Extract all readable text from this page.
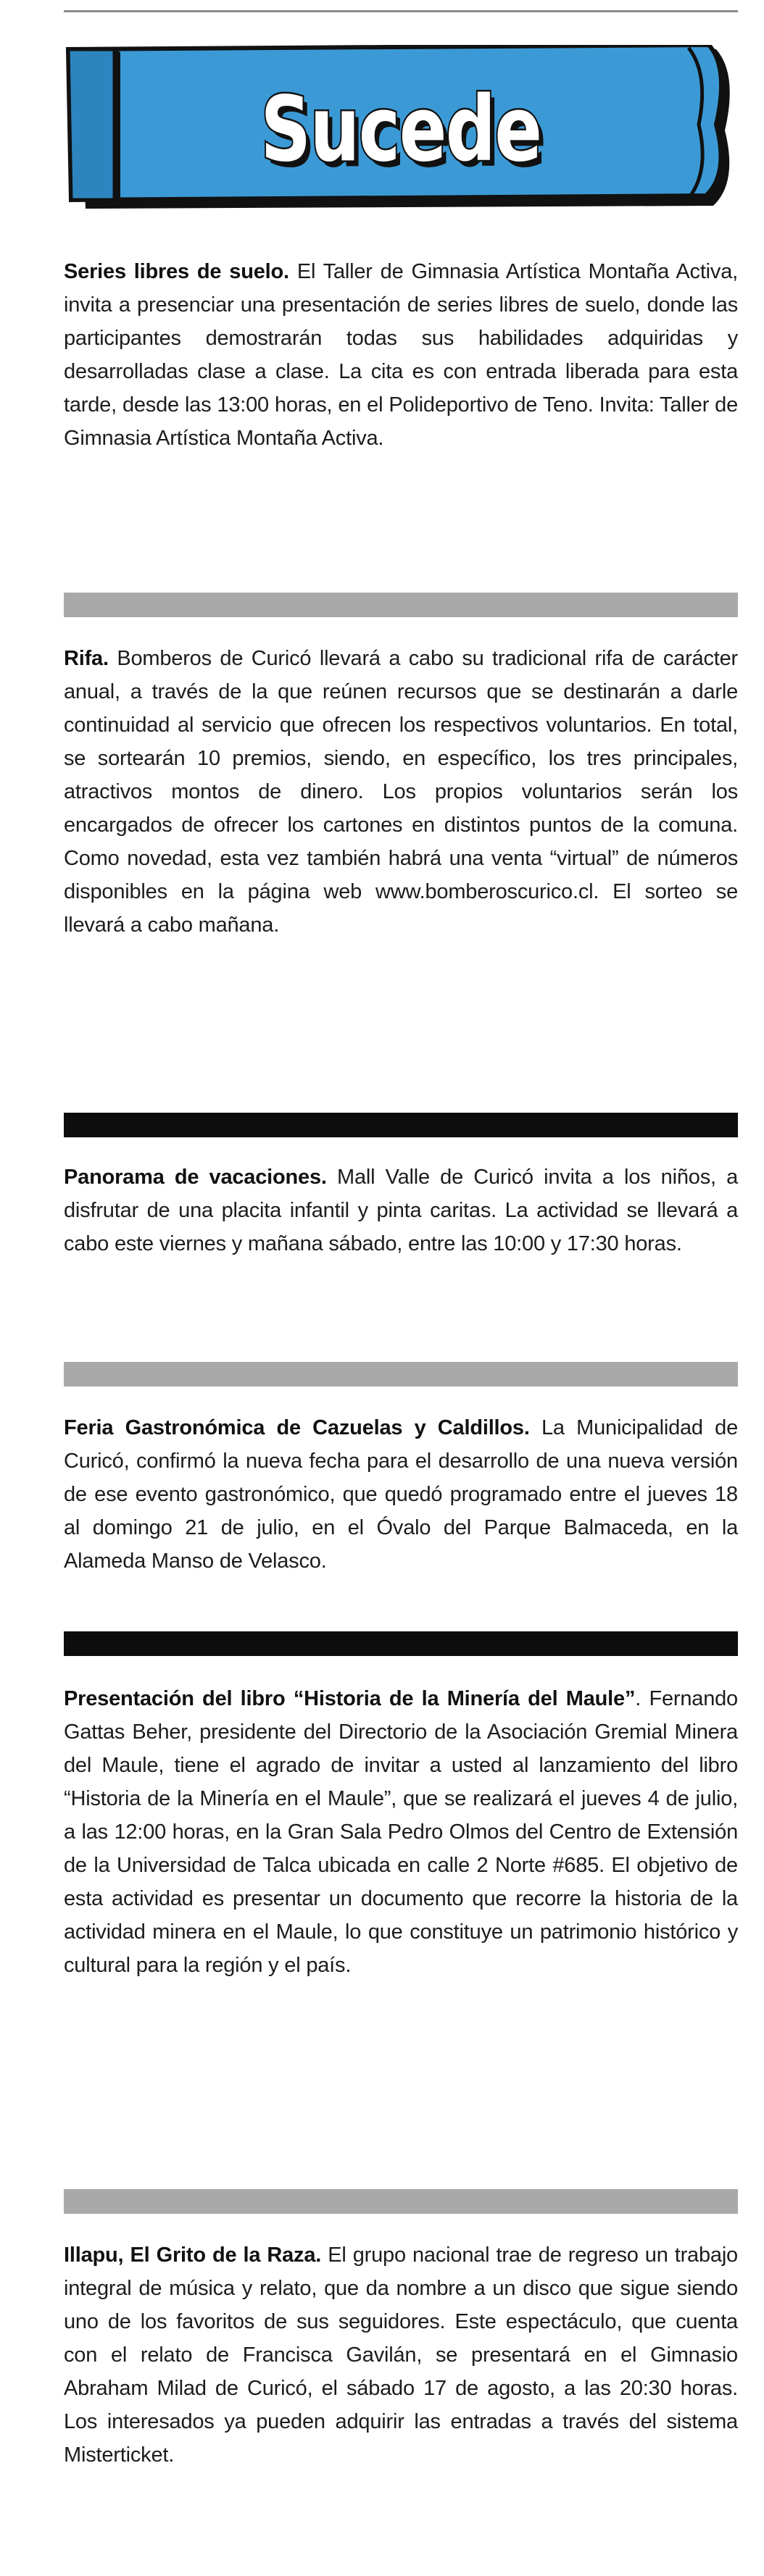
Sucede

Series libres de suelo. El Taller de Gimnasia Artística Montaña Activa, invita a presenciar una presentación de series libres de suelo, donde las participantes demostrarán todas sus habilidades adquiridas y desarrolladas clase a clase. La cita es con entrada liberada para esta tarde, desde las 13:00 horas, en el Polideportivo de Teno. Invita: Taller de Gimnasia Artística Montaña Activa.

Rifa. Bomberos de Curicó llevará a cabo su tradicional rifa de carácter anual, a través de la que reúnen recursos que se destinarán a darle continuidad al servicio que ofrecen los respectivos voluntarios. En total, se sortearán 10 premios, siendo, en específico, los tres principales, atractivos montos de dinero. Los propios voluntarios serán los encargados de ofrecer los cartones en distintos puntos de la comuna. Como novedad, esta vez también habrá una venta “virtual” de números disponibles en la página web www.bomberoscurico.cl. El sorteo se llevará a cabo mañana.

Panorama de vacaciones. Mall Valle de Curicó invita a los niños, a disfrutar de una placita infantil y pinta caritas. La actividad se llevará a cabo este viernes y mañana sábado, entre las 10:00 y 17:30 horas.

Feria Gastronómica de Cazuelas y Caldillos. La Municipalidad de Curicó, confirmó la nueva fecha para el desarrollo de una nueva versión de ese evento gastronómico, que quedó programado entre el jueves 18 al domingo 21 de julio, en el Óvalo del Parque Balmaceda, en la Alameda Manso de Velasco.

Presentación del libro “Historia de la Minería del Maule”. Fernando Gattas Beher, presidente del Directorio de la Asociación Gremial Minera del Maule, tiene el agrado de invitar a usted al lanzamiento del libro “Historia de la Minería en el Maule”, que se realizará el jueves 4 de julio, a las 12:00 horas, en la Gran Sala Pedro Olmos del Centro de Extensión de la Universidad de Talca ubicada en calle 2 Norte #685. El objetivo de esta actividad es presentar un documento que recorre la historia de la actividad minera en el Maule, lo que constituye un patrimonio histórico y cultural para la región y el país.

Illapu, El Grito de la Raza. El grupo nacional trae de regreso un trabajo integral de música y relato, que da nombre a un disco que sigue siendo uno de los favoritos de sus seguidores. Este espectáculo, que cuenta con el relato de Francisca Gavilán, se presentará en el Gimnasio Abraham Milad de Curicó, el sábado 17 de agosto, a las 20:30 horas. Los interesados ya pueden adquirir las entradas a través del sistema Misterticket.
